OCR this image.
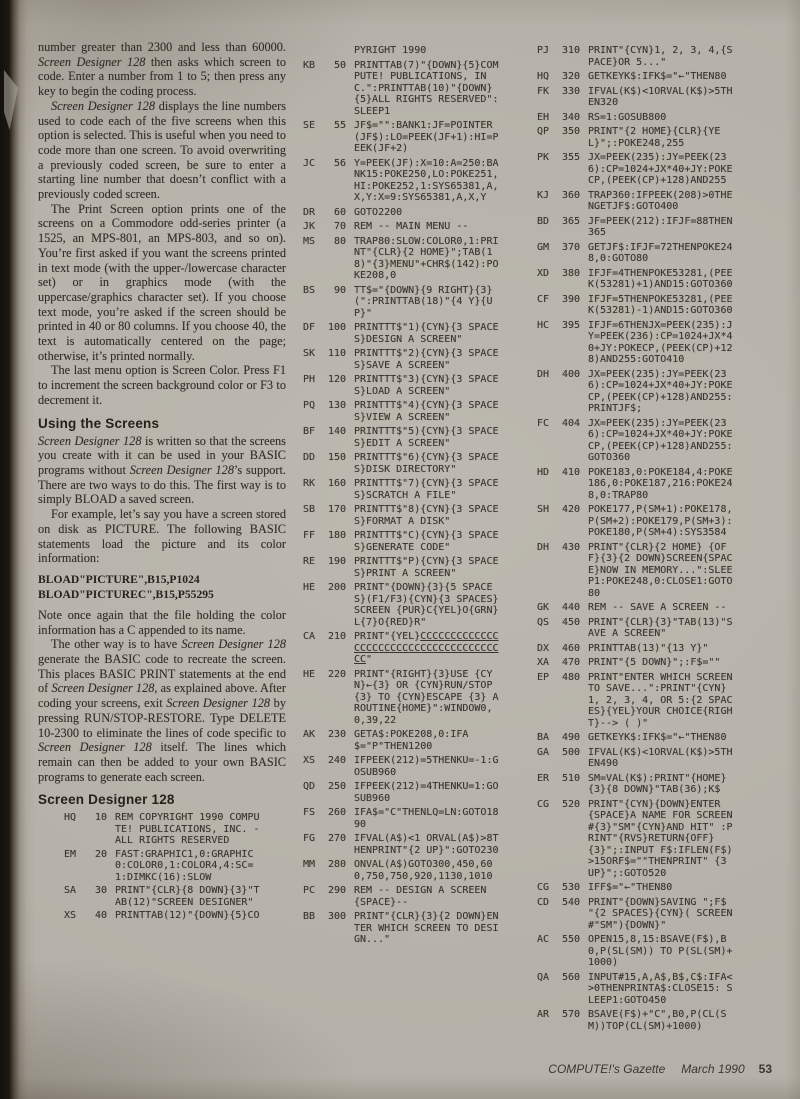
number greater than 2300 and less than 60000. Screen Designer 128 then asks which screen to code. Enter a number from 1 to 5; then press any key to begin the coding process.

Screen Designer 128 displays the line numbers used to code each of the five screens when this option is selected. This is useful when you need to code more than one screen. To avoid overwriting a previously coded screen, be sure to enter a starting line number that doesn’t conflict with a previously coded screen.

The Print Screen option prints one of the screens on a Commodore odd-series printer (a 1525, an MPS-801, an MPS-803, and so on). You’re first asked if you want the screens printed in text mode (with the upper-/lowercase character set) or in graphics mode (with the uppercase/graphics character set). If you choose text mode, you’re asked if the screen should be printed in 40 or 80 columns. If you choose 40, the text is automatically centered on the page; otherwise, it’s printed normally.

The last menu option is Screen Color. Press F1 to increment the screen background color or F3 to decrement it.

Using the Screens

Screen Designer 128 is written so that the screens you create with it can be used in your BASIC programs without Screen Designer 128’s support. There are two ways to do this. The first way is to simply BLOAD a saved screen.

For example, let’s say you have a screen stored on disk as PICTURE. The following BASIC statements load the picture and its color information:

BLOAD"PICTURE",B15,P1024
BLOAD"PICTUREC",B15,P55295

Note once again that the file holding the color information has a C appended to its name.

The other way is to have Screen Designer 128 generate the BASIC code to recreate the screen. This places BASIC PRINT statements at the end of Screen Designer 128, as explained above. After coding your screens, exit Screen Designer 128 by pressing RUN/STOP-RESTORE. Type DELETE 10-2300 to eliminate the lines of code specific to Screen Designer 128 itself. The lines which remain can then be added to your own BASIC programs to generate each screen.

Screen Designer 128
HQ	10 REM COPYRIGHT 1990 COMPUTE! PUBLICATIONS, INC. - ALL RIGHTS RESERVED
EM	20 FAST:GRAPHIC1,0:GRAPHIC0:COLOR0,1:COLOR4,4:SC=1:DIMKC(16):SLOW
SA	30 PRINT"{CLR}{8 DOWN}{3}"TAB(12)"SCREEN DESIGNER"
XS	40 PRINTTAB(12)"{DOWN}{5}CO
PYRIGHT 1990
KB	50 PRINTTAB(7)"{DOWN}{5}COMPUTE! PUBLICATIONS, INC.":PRINTTAB(10)"{DOWN}{5}ALL RIGHTS RESERVED":SLEEP1
SE	55 JF$="":BANK1:JF=POINTER(JF$):LO=PEEK(JF+1):HI=PEEK(JF+2)
JC	56 Y=PEEK(JF):X=10:A=250:BANK15:POKE250,LO:POKE251,HI:POKE252,1:SYS65381,A,X,Y:X=9:SYS65381,A,X,Y
DR	60 GOTO2200
JK	70 REM -- MAIN MENU --
MS	80 TRAP80:SLOW:COLOR0,1:PRINT"{CLR}{2 HOME}";TAB(18)"{3}MENU"+CHR$(142):POKE208,0
BS	90 TT$="{DOWN}{9 RIGHT}{3}(":PRINTTAB(18)"{4 Y}{UP}"
DF	100 PRINTTT$"1){CYN}{3 SPACES}DESIGN A SCREEN"
SK	110 PRINTTT$"2){CYN}{3 SPACES}SAVE A SCREEN"
PH	120 PRINTTT$"3){CYN}{3 SPACES}LOAD A SCREEN"
PQ	130 PRINTTT$"4){CYN}{3 SPACES}VIEW A SCREEN"
BF	140 PRINTTT$"5){CYN}{3 SPACES}EDIT A SCREEN"
DD	150 PRINTTT$"6){CYN}{3 SPACES}DISK DIRECTORY"
RK	160 PRINTTT$"7){CYN}{3 SPACES}SCRATCH A FILE"
SB	170 PRINTTT$"8){CYN}{3 SPACES}FORMAT A DISK"
FF	180 PRINTTT$"C){CYN}{3 SPACES}GENERATE CODE"
RE	190 PRINTTT$"P){CYN}{3 SPACES}PRINT A SCREEN"
HE	200 PRINT"{DOWN}{3}{5 SPACES}(F1/F3){CYN}{3 SPACES}SCREEN {PUR}C{YEL}O{GRN}L{7}O{RED}R"
CA	210 PRINT"{YEL}CCCCCCCCCCCCCCCCCCCCCCCCCCCCCCCCCCCCCCC"
HE	220 PRINT"{RIGHT}{3}USE {CYN}←{3} OR {CYN}RUN/STOP{3} TO {CYN}ESCAPE {3} A ROUTINE{HOME}":WINDOW0,0,39,22
AK	230 GETA$:POKE208,0:IFA$="P"THEN1200
XS	240 IFPEEK(212)=5THENKU=-1:GOSUB960
QD	250 IFPEEK(212)=4THENKU=1:GOSUB960
FS	260 IFA$="C"THENLQ=LN:GOTO1890
FG	270 IFVAL(A$)<1 ORVAL(A$)>8THENPRINT"{2 UP}":GOTO230
MM	280 ONVAL(A$)GOTO300,450,600,750,750,920,1130,1010
PC	290 REM -- DESIGN A SCREEN {SPACE}--
BB	300 PRINT"{CLR}{3}{2 DOWN}ENTER WHICH SCREEN TO DESIGN..."
PJ	310 PRINT"{CYN}1, 2, 3, 4,{SPACE}OR 5..."
HQ	320 GETKEYK$:IFK$="←"THEN80
FK	330 IFVAL(K$)<1ORVAL(K$)>5THEN320
EH	340 RS=1:GOSUB800
QP	350 PRINT"{2 HOME}{CLR}{YEL}";:POKE248,255
PK	355 JX=PEEK(235):JY=PEEK(236):CP=1024+JX*40+JY:POKECP,(PEEK(CP)+128)AND255
KJ	360 TRAP360:IFPEEK(208)>0THENGETJF$:GOTO400
BD	365 JF=PEEK(212):IFJF=88THEN365
GM	370 GETJF$:IFJF=72THENPOKE248,0:GOTO80
XD	380 IFJF=4THENPOKE53281,(PEEK(53281)+1)AND15:GOTO360
CF	390 IFJF=5THENPOKE53281,(PEEK(53281)-1)AND15:GOTO360
HC	395 IFJF=6THENJX=PEEK(235):JY=PEEK(236):CP=1024+JX*40+JY:POKECP,(PEEK(CP)+128)AND255:GOTO410
DH	400 JX=PEEK(235):JY=PEEK(236):CP=1024+JX*40+JY:POKECP,(PEEK(CP)+128)AND255:PRINTJF$;
FC	404 JX=PEEK(235):JY=PEEK(236):CP=1024+JX*40+JY:POKECP,(PEEK(CP)+128)AND255:GOTO360
HD	410 POKE183,0:POKE184,4:POKE186,0:POKE187,216:POKE248,0:TRAP80
SH	420 POKE177,P(SM+1):POKE178,P(SM+2):POKE179,P(SM+3):POKE180,P(SM+4):SYS3584
DH	430 PRINT"{CLR}{2 HOME} {OFF}{3}{2 DOWN}SCREEN{SPACE}NOW IN MEMORY...":SLEEP1:POKE248,0:CLOSE1:GOTO80
GK	440 REM -- SAVE A SCREEN --
QS	450 PRINT"{CLR}{3}"TAB(13)"SAVE A SCREEN"
DX	460 PRINTTAB(13)"{13 Y}"
XA	470 PRINT"{5 DOWN}";:F$=""
EP	480 PRINT"ENTER WHICH SCREEN TO SAVE...":PRINT"{CYN}1, 2, 3, 4, OR 5:{2 SPACES}{YEL}YOUR CHOICE{RIGHT}--> ( )"
BA	490 GETKEYK$:IFK$="←"THEN80
GA	500 IFVAL(K$)<1ORVAL(K$)>5THEN490
ER	510 SM=VAL(K$):PRINT"{HOME} {3}{8 DOWN}"TAB(36);K$
CG	520 PRINT"{CYN}{DOWN}ENTER {SPACE}A NAME FOR SCREEN #{3}"SM"{CYN}AND HIT" :PRINT"{RVS}RETURN{OFF} {3}";:INPUT F$:IFLEN(F$)>15ORF$=""THENPRINT" {3 UP}";:GOTO520
CG	530 IFF$="←"THEN80
CD	540 PRINT"{DOWN}SAVING ";F$ "{2 SPACES}{CYN}( SCREEN #"SM"){DOWN}"
AC	550 OPEN15,8,15:BSAVE(F$),B0,P(SL(SM)) TO P(SL(SM)+1000)
QA	560 INPUT#15,A,A$,B$,C$:IFA<>0THENPRINTA$:CLOSE15: SLEEP1:GOTO450
AR	570 BSAVE(F$)+"C",B0,P(CL(SM))TOP(CL(SM)+1000)
COMPUTE!'s Gazette March 1990 53
